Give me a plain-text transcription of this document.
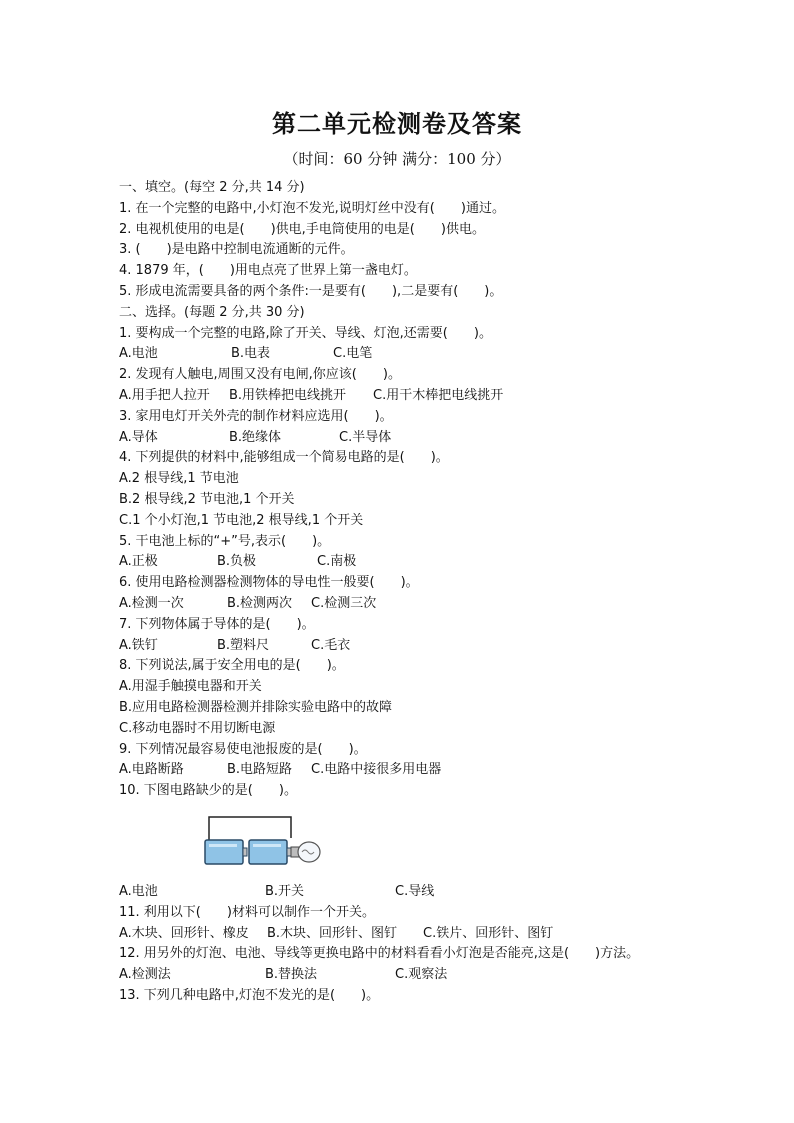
第二单元检测卷及答案
（时间：60 分钟 满分：100 分）
一、填空。(每空 2 分,共 14 分)
1. 在一个完整的电路中,小灯泡不发光,说明灯丝中没有(　　)通过。
2. 电视机使用的电是(　　)供电,手电筒使用的电是(　　)供电。
3. (　　)是电路中控制电流通断的元件。
4. 1879 年，(　　)用电点亮了世界上第一盏电灯。
5. 形成电流需要具备的两个条件:一是要有(　　),二是要有(　　)。
二、选择。(每题 2 分,共 30 分)
1. 要构成一个完整的电路,除了开关、导线、灯泡,还需要(　　)。
A.电池	B.电表	C.电笔
2. 发现有人触电,周围又没有电闸,你应该(　　)。
A.用手把人拉开 B.用铁棒把电线挑开 C.用干木棒把电线挑开
3. 家用电灯开关外壳的制作材料应选用(　　)。
A.导体	B.绝缘体	C.半导体
4. 下列提供的材料中,能够组成一个简易电路的是(　　)。
A.2 根导线,1 节电池
B.2 根导线,2 节电池,1 个开关
C.1 个小灯泡,1 节电池,2 根导线,1 个开关
5. 干电池上标的“+”号,表示(　　)。
A.正极	B.负极	C.南极
6. 使用电路检测器检测物体的导电性一般要(　　)。
A.检测一次	B.检测两次 C.检测三次
7. 下列物体属于导体的是(　　)。
A.铁钉	B.塑料尺	C.毛衣
8. 下列说法,属于安全用电的是(　　)。
A.用湿手触摸电器和开关
B.应用电路检测器检测并排除实验电路中的故障
C.移动电器时不用切断电源
9. 下列情况最容易使电池报废的是(　　)。
A.电路断路	B.电路短路 C.电路中接很多用电器
10. 下图电路缺少的是(　　)。
A.电池	B.开关	C.导线
11. 利用以下(　　)材料可以制作一个开关。
A.木块、回形针、橡皮 B.木块、回形针、图钉 C.铁片、回形针、图钉
12. 用另外的灯泡、电池、导线等更换电路中的材料看看小灯泡是否能亮,这是(　　)方法。
A.检测法	B.替换法	C.观察法
13. 下列几种电路中,灯泡不发光的是(　　)。
